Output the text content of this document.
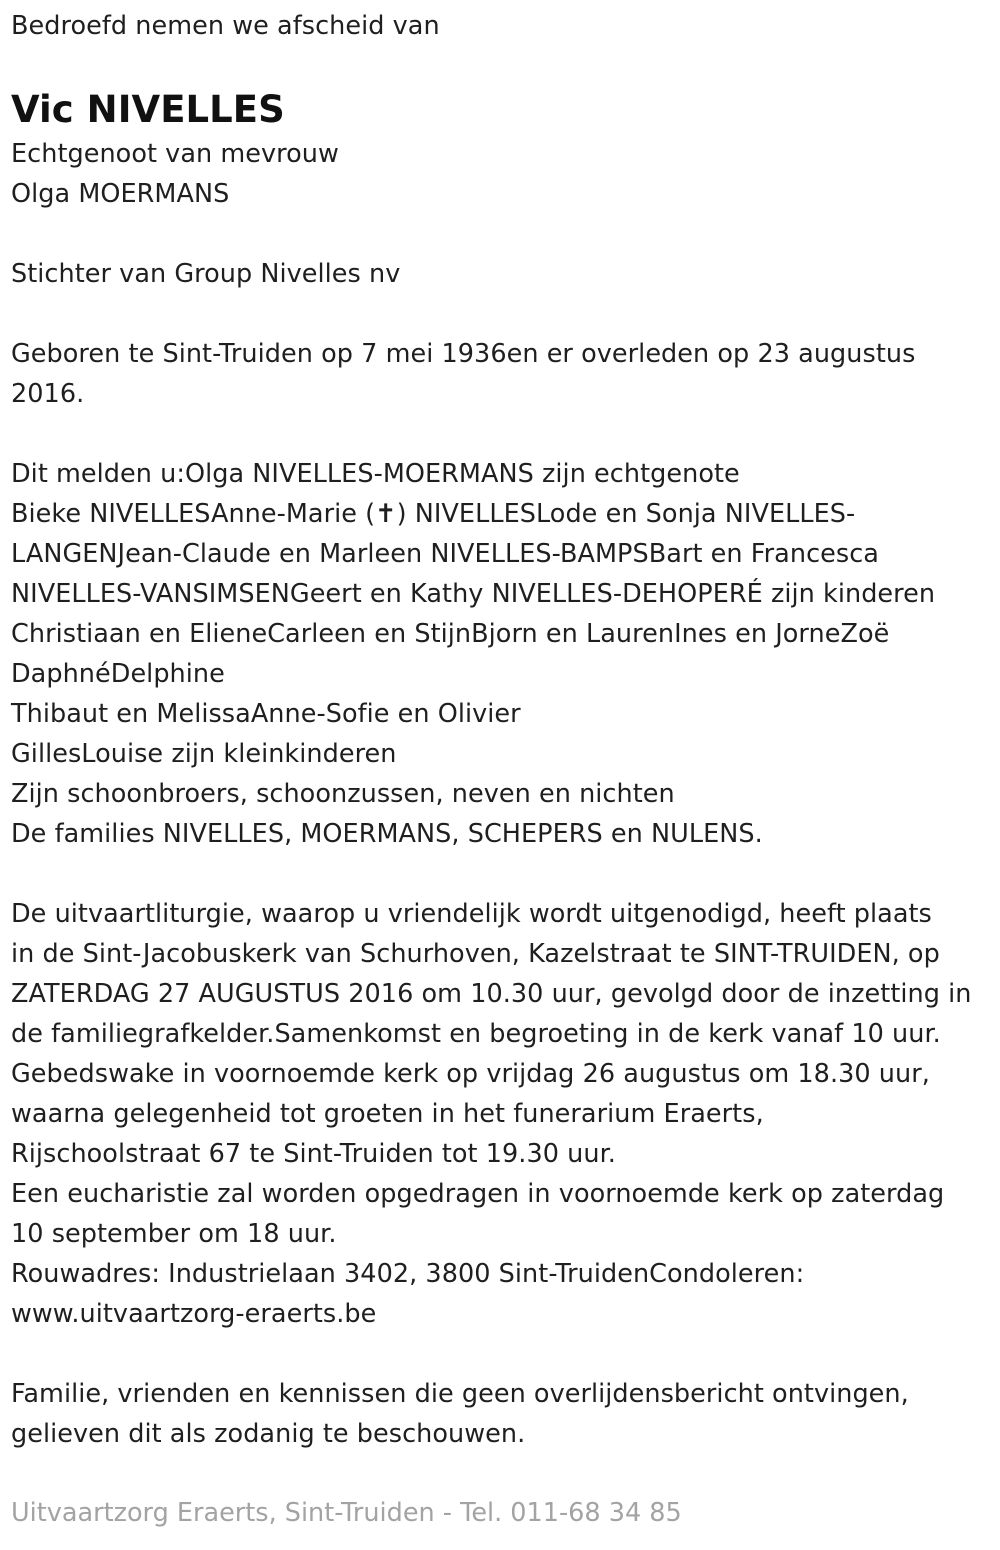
Bedroefd nemen we afscheid van
Vic NIVELLES
Echtgenoot van mevrouw
Olga MOERMANS
Stichter van Group Nivelles nv
Geboren te Sint-Truiden op 7 mei 1936en er overleden op 23 augustus
2016.
Dit melden u:Olga NIVELLES-MOERMANS zijn echtgenote
Bieke NIVELLESAnne-Marie (✝) NIVELLESLode en Sonja NIVELLES-
LANGENJean-Claude en Marleen NIVELLES-BAMPSBart en Francesca
NIVELLES-VANSIMSENGeert en Kathy NIVELLES-DEHOPERÉ zijn kinderen
Christiaan en ElieneCarleen en StijnBjorn en LaurenInes en JorneZoë
DaphnéDelphine
Thibaut en MelissaAnne-Sofie en Olivier
GillesLouise zijn kleinkinderen
Zijn schoonbroers, schoonzussen, neven en nichten
De families NIVELLES, MOERMANS, SCHEPERS en NULENS.
De uitvaartliturgie, waarop u vriendelijk wordt uitgenodigd, heeft plaats
in de Sint-Jacobuskerk van Schurhoven, Kazelstraat te SINT-TRUIDEN, op
ZATERDAG 27 AUGUSTUS 2016 om 10.30 uur, gevolgd door de inzetting in
de familiegrafkelder.Samenkomst en begroeting in de kerk vanaf 10 uur.
Gebedswake in voornoemde kerk op vrijdag 26 augustus om 18.30 uur,
waarna gelegenheid tot groeten in het funerarium Eraerts,
Rijschoolstraat 67 te Sint-Truiden tot 19.30 uur.
Een eucharistie zal worden opgedragen in voornoemde kerk op zaterdag
10 september om 18 uur.
Rouwadres: Industrielaan 3402, 3800 Sint-TruidenCondoleren:
www.uitvaartzorg-eraerts.be
Familie, vrienden en kennissen die geen overlijdensbericht ontvingen,
gelieven dit als zodanig te beschouwen.
Uitvaartzorg Eraerts, Sint-Truiden - Tel. 011-68 34 85
